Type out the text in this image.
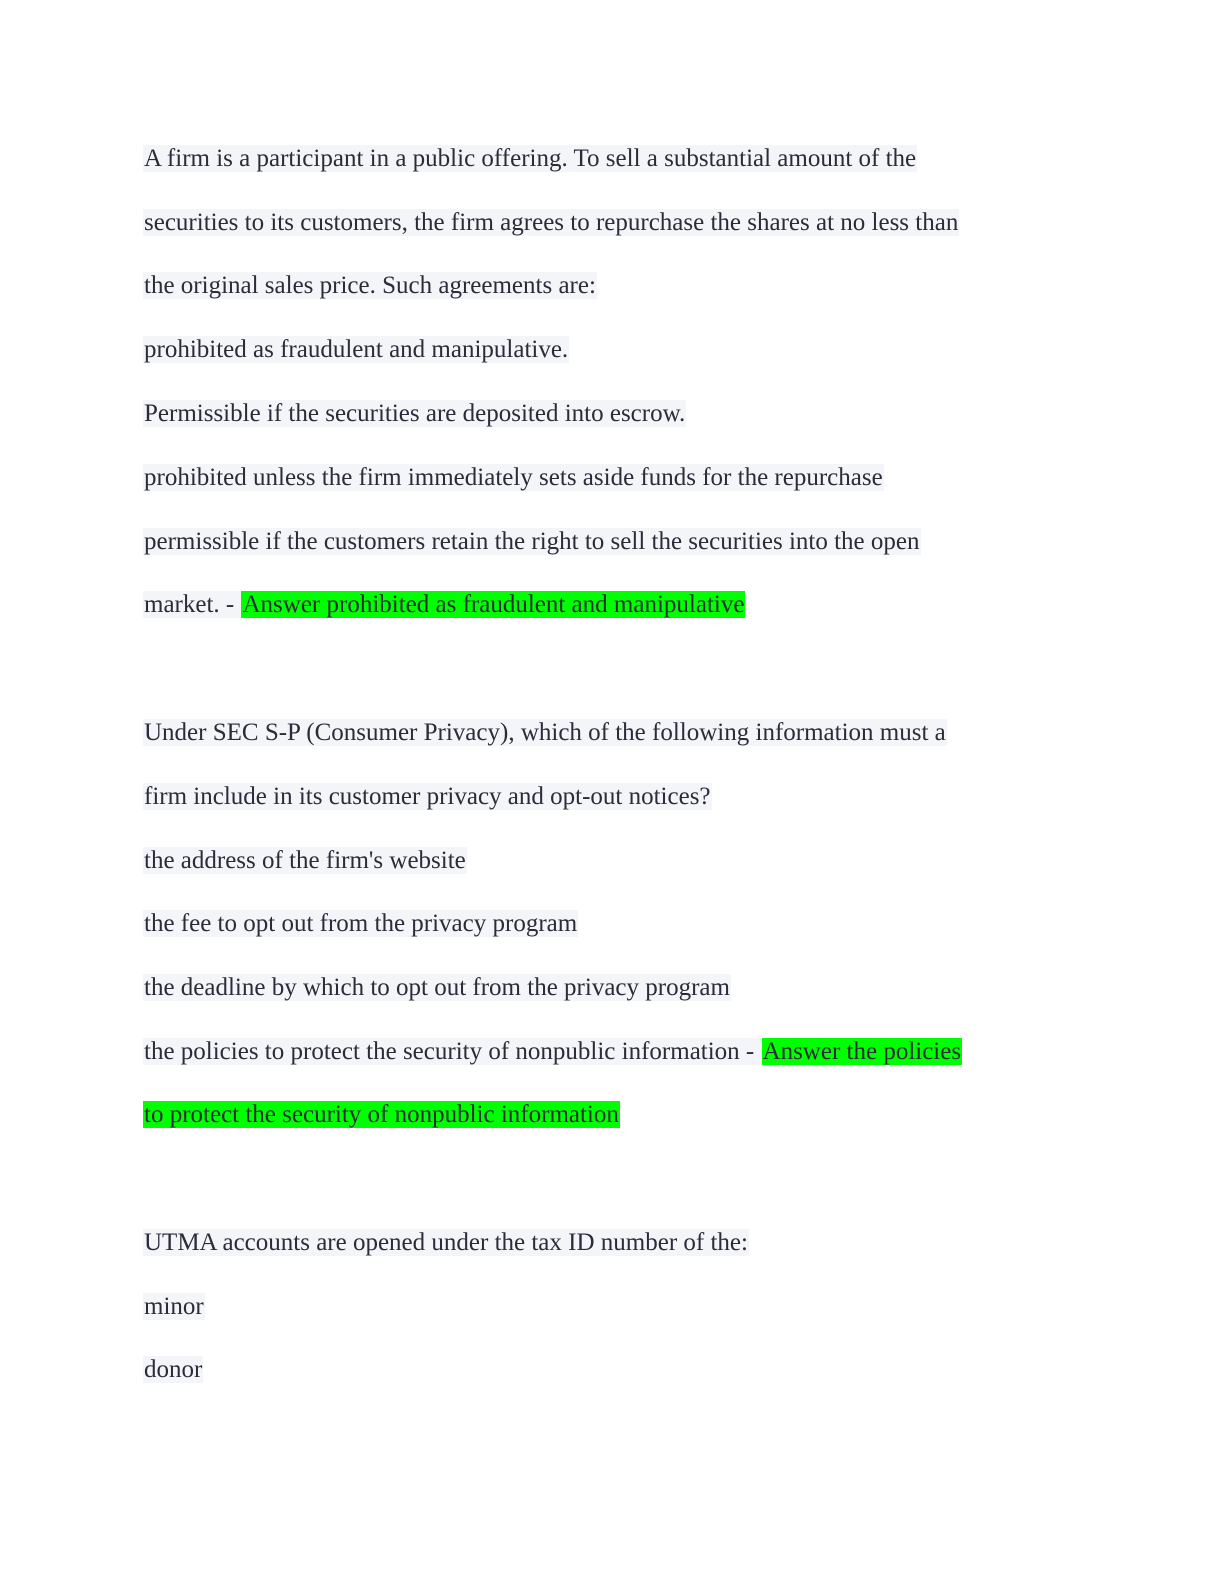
A firm is a participant in a public offering. To sell a substantial amount of the
securities to its customers, the firm agrees to repurchase the shares at no less than
the original sales price. Such agreements are:
prohibited as fraudulent and manipulative.
Permissible if the securities are deposited into escrow.
prohibited unless the firm immediately sets aside funds for the repurchase
permissible if the customers retain the right to sell the securities into the open
market. - Answer prohibited as fraudulent and manipulative
Under SEC S-P (Consumer Privacy), which of the following information must a
firm include in its customer privacy and opt-out notices?
the address of the firm's website
the fee to opt out from the privacy program
the deadline by which to opt out from the privacy program
the policies to protect the security of nonpublic information - Answer the policies
to protect the security of nonpublic information
UTMA accounts are opened under the tax ID number of the:
minor
donor
